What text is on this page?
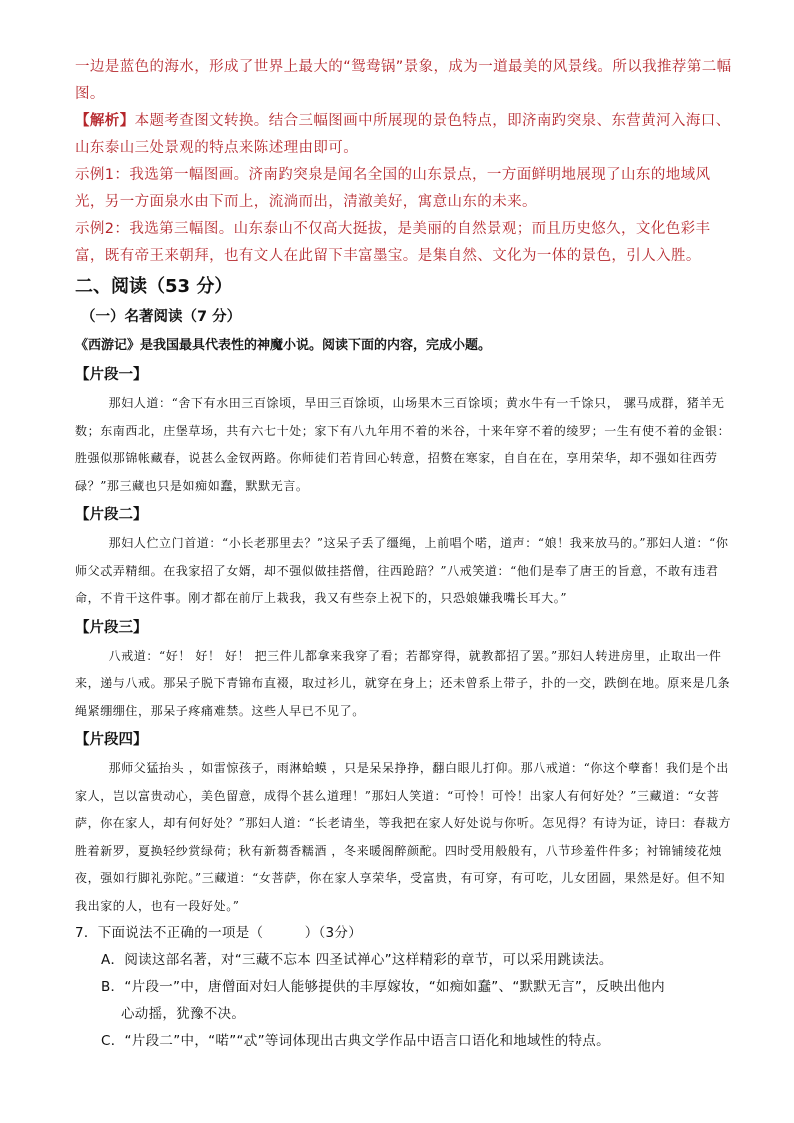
一边是蓝色的海水，形成了世界上最大的“鸳鸯锅”景象，成为一道最美的风景线。所以我推荐第二幅图。

【解析】本题考查图文转换。结合三幅图画中所展现的景色特点，即济南趵突泉、东营黄河入海口、山东泰山三处景观的特点来陈述理由即可。

示例1：我选第一幅图画。济南趵突泉是闻名全国的山东景点，一方面鲜明地展现了山东的地域风光，另一方面泉水由下而上，流淌而出，清澈美好，寓意山东的未来。

示例2：我选第三幅图。山东泰山不仅高大挺拔，是美丽的自然景观；而且历史悠久，文化色彩丰富，既有帝王来朝拜，也有文人在此留下丰富墨宝。是集自然、文化为一体的景色，引人入胜。

二、阅读（53 分）
（一）名著阅读（7 分）
《西游记》是我国最具代表性的神魔小说。阅读下面的内容，完成小题。
【片段一】

那妇人道：“舍下有水田三百馀顷，旱田三百馀顷，山场果木三百馀顷；黄水牛有一千馀只， 骡马成群，猪羊无数；东南西北，庄堡草场，共有六七十处；家下有八九年用不着的米谷，十来年穿不着的绫罗；一生有使不着的金银：胜强似那锦帐藏春，说甚么金钗两路。你师徒们若肯回心转意，招赘在寒家，自自在在，享用荣华，却不强如往西劳碌？”那三藏也只是如痴如蠢，默默无言。

【片段二】

那妇人伫立门首道：“小长老那里去？”这呆子丢了缰绳，上前唱个喏，道声：“娘！我来放马的。”那妇人道：“你师父忒弄精细。在我家招了女婿，却不强似做挂搭僧，往西跄踣？”八戒笑道：“他们是奉了唐王的旨意，不敢有违君命，不肯干这件事。刚才都在前厅上栽我，我又有些奈上祝下的，只恐娘嫌我嘴长耳大。”

【片段三】

八戒道：“好！ 好！ 好！ 把三件儿都拿来我穿了看；若都穿得，就教都招了罢。”那妇人转进房里，止取出一件来，递与八戒。那呆子脱下青锦布直裰，取过衫儿，就穿在身上；还未曾系上带子，扑的一交，跌倒在地。原来是几条绳紧绷绷住，那呆子疼痛难禁。这些人早已不见了。

【片段四】

那师父猛抬头 ，如雷惊孩子，雨淋蛤蟆 ，只是呆呆挣挣，翻白眼儿打仰。那八戒道：“你这个孽畜！我们是个出家人，岂以富贵动心，美色留意，成得个甚么道理！”那妇人笑道：“可怜！可怜！出家人有何好处？”三藏道：“女菩萨，你在家人，却有何好处？”那妇人道：“长老请坐，等我把在家人好处说与你听。怎见得？有诗为证，诗曰：春裁方胜着新罗，夏换轻纱赏绿荷；秋有新蒭香糯酒 ，冬来暖阁醉颜酡。四时受用般般有，八节珍羞件件多；衬锦铺绫花烛夜，强如行脚礼弥陀。”三藏道：“女菩萨，你在家人享荣华，受富贵，有可穿，有可吃，儿女团圆，果然是好。但不知我出家的人，也有一段好处。”

7．下面说法不正确的一项是（　　　）（3分）
A．阅读这部名著，对“三藏不忘本 四圣试禅心”这样精彩的章节，可以采用跳读法。
B．“片段一”中，唐僧面对妇人能够提供的丰厚嫁妆，“如痴如蠢”、“默默无言”，反映出他内
心动摇，犹豫不决。
C．“片段二”中，“喏”“忒”等词体现出古典文学作品中语言口语化和地域性的特点。
